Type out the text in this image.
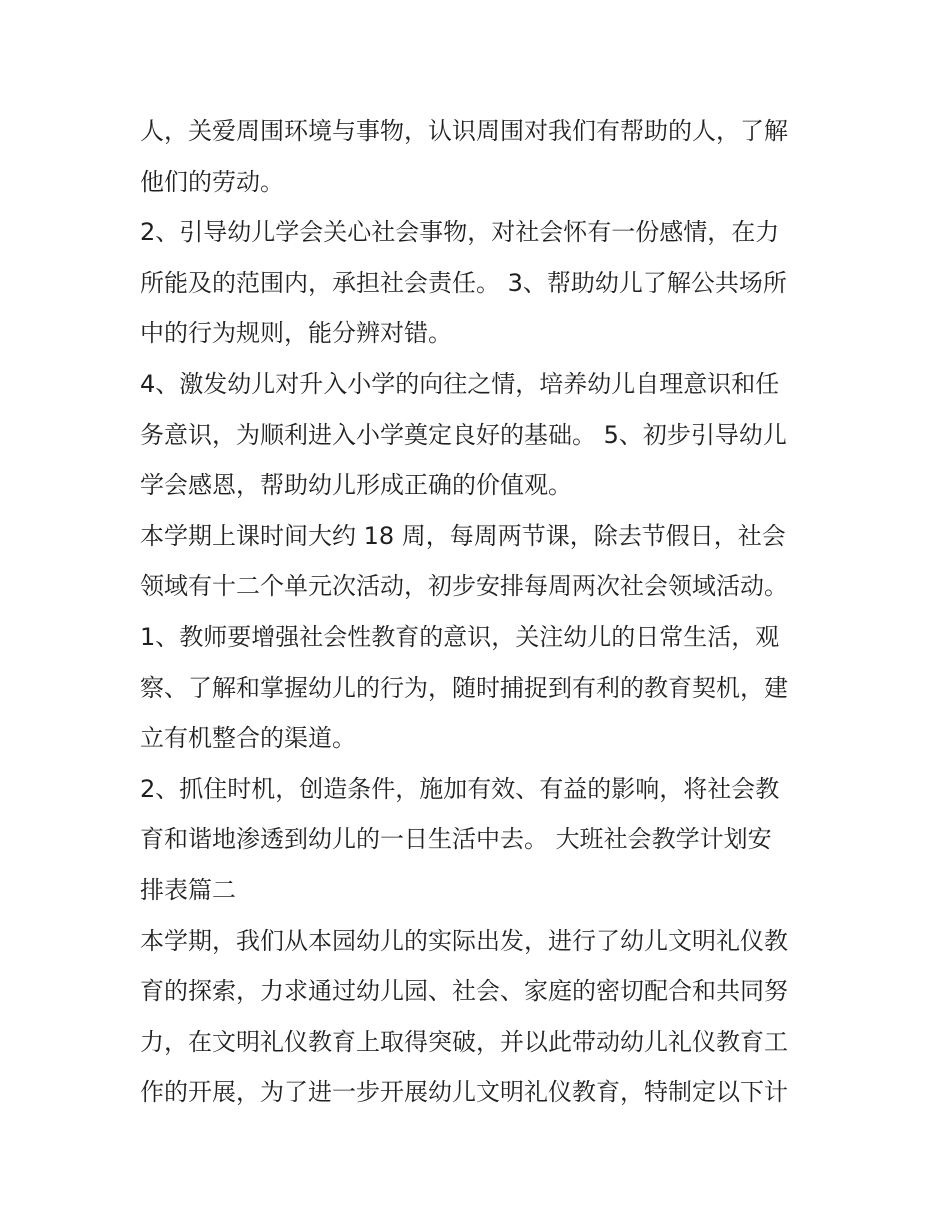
人，关爱周围环境与事物，认识周围对我们有帮助的人，了解
他们的劳动。
2、引导幼儿学会关心社会事物，对社会怀有一份感情，在力
所能及的范围内，承担社会责任。 3、帮助幼儿了解公共场所
中的行为规则，能分辨对错。
4、激发幼儿对升入小学的向往之情，培养幼儿自理意识和任
务意识，为顺利进入小学奠定良好的基础。 5、初步引导幼儿
学会感恩，帮助幼儿形成正确的价值观。
本学期上课时间大约 18 周，每周两节课，除去节假日，社会
领域有十二个单元次活动，初步安排每周两次社会领域活动。
1、教师要增强社会性教育的意识，关注幼儿的日常生活，观
察、了解和掌握幼儿的行为，随时捕捉到有利的教育契机，建
立有机整合的渠道。
2、抓住时机，创造条件，施加有效、有益的影响，将社会教
育和谐地渗透到幼儿的一日生活中去。 大班社会教学计划安
排表篇二
本学期，我们从本园幼儿的实际出发，进行了幼儿文明礼仪教
育的探索，力求通过幼儿园、社会、家庭的密切配合和共同努
力，在文明礼仪教育上取得突破，并以此带动幼儿礼仪教育工
作的开展，为了进一步开展幼儿文明礼仪教育，特制定以下计
